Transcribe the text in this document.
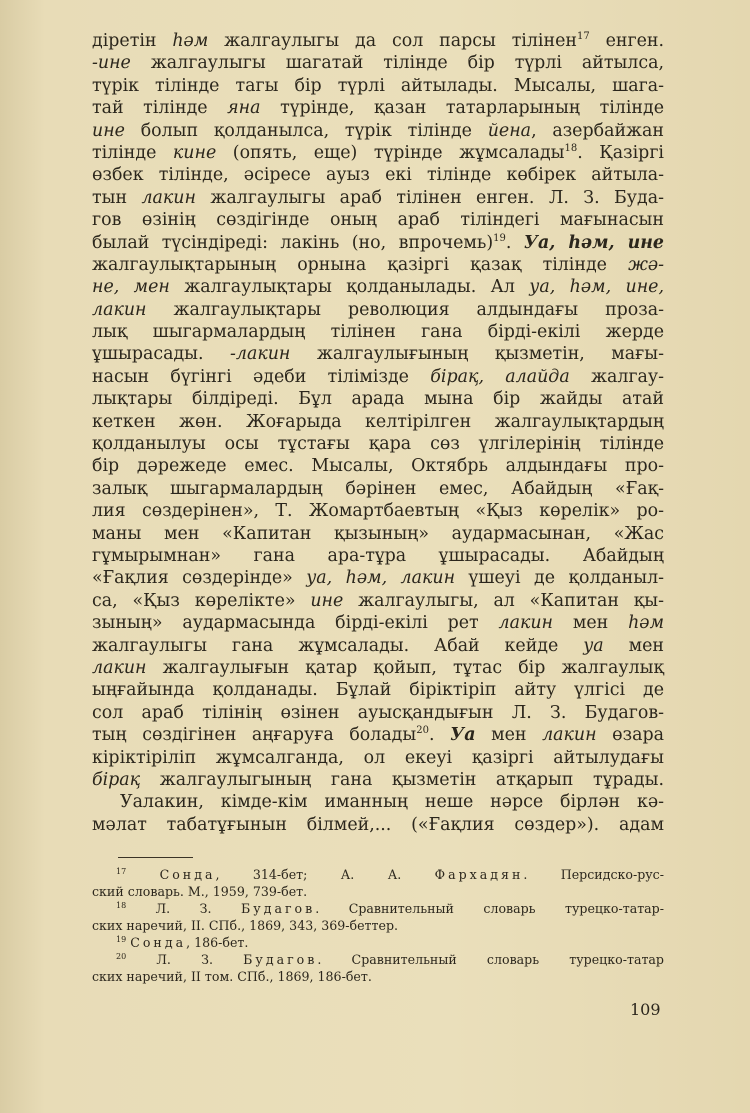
діретін һәм жалгаулыгы да сол парсы тілінен$^{17}$ енген.
-ине жалгаулыгы шагатай тілінде бір түрлі айтылса,
түрік тілінде тагы бір түрлі айтылады. Мысалы, шага-
тай тілінде яна түрінде, қазан татарларының тілінде
ине болып қолданылса, түрік тілінде йена, азербайжан
тілінде кине (опять, еще) түрінде жұмсалады$^{18}$. Қазіргі
өзбек тілінде, әсіресе ауыз екі тілінде көбірек айтыла-
тын лакин жалгаулыгы араб тілінен енген. Л. З. Буда-
гов өзінің сөздігінде оның араб тіліндегі мағынасын
былай түсіндіреді: лакінь (но, впрочемь)$^{19}$. Уа, һәм, ине
жалгаулықтарының орнына қазіргі қазақ тілінде жә-
не, мен жалгаулықтары қолданылады. Ал уа, һәм, ине,
лакин жалгаулықтары революция алдындағы проза-
лық шыгармалардың тілінен гана бірді-екілі жерде
ұшырасады. -лакин жалгаулығының қызметін, мағы-
насын бүгінгі әдеби тілімізде бірақ, алайда жалгау-
лықтары білдіреді. Бұл арада мына бір жайды атай
кеткен жөн. Жоғарыда келтірілген жалгаулықтардың
қолданылуы осы тұстағы қара сөз үлгілерінің тілінде
бір дәрежеде емес. Мысалы, Октябрь алдындағы про-
залық шыгармалардың бәрінен емес, Абайдың «Ғақ-
лия сөздерінен», Т. Жомартбаевтың «Қыз көрелік» ро-
маны мен «Капитан қызының» аудармасынан, «Жас
гұмырымнан» гана ара-тұра ұшырасады. Абайдың
«Ғақлия сөздерінде» уа, һәм, лакин үшеуі де қолданыл-
са, «Қыз көрелікте» ине жалгаулыгы, ал «Капитан қы-
зының» аудармасында бірді-екілі рет лакин мен һәм
жалгаулыгы гана жұмсалады. Абай кейде уа мен
лакин жалгаулығын қатар қойып, тұтас бір жалгаулық
ыңғайында қолданады. Бұлай біріктіріп айту үлгісі де
сол араб тілінің өзінен ауысқандығын Л. З. Будагов-
тың сөздігінен аңғаруға болады$^{20}$. Уа мен лакин өзара
кіріктіріліп жұмсалганда, ол екеуі қазіргі айтылудағы
бірақ жалгаулыгының гана қызметін атқарып тұрады.
Уалакин, кімде-кім иманның неше нәрсе бірлән кә-
мәлат табатұғынын білмей,... («Ғақлия сөздер»). адам
$^{17}$	Сонда, 314-бет; А. А. Фархадян. Персидско-рус-
ский словарь. М., 1959, 739-бет.
$^{18}$ Л. З. Будагов. Сравнительный словарь турецко-татар-
ских наречий, II. СПб., 1869, 343, 369-беттер.
$^{19}$ Сонда, 186-бет.
$^{20}$ Л. З. Будагов. Сравнительный словарь турецко-татар
ских наречий, II том. СПб., 1869, 186-бет.
109
